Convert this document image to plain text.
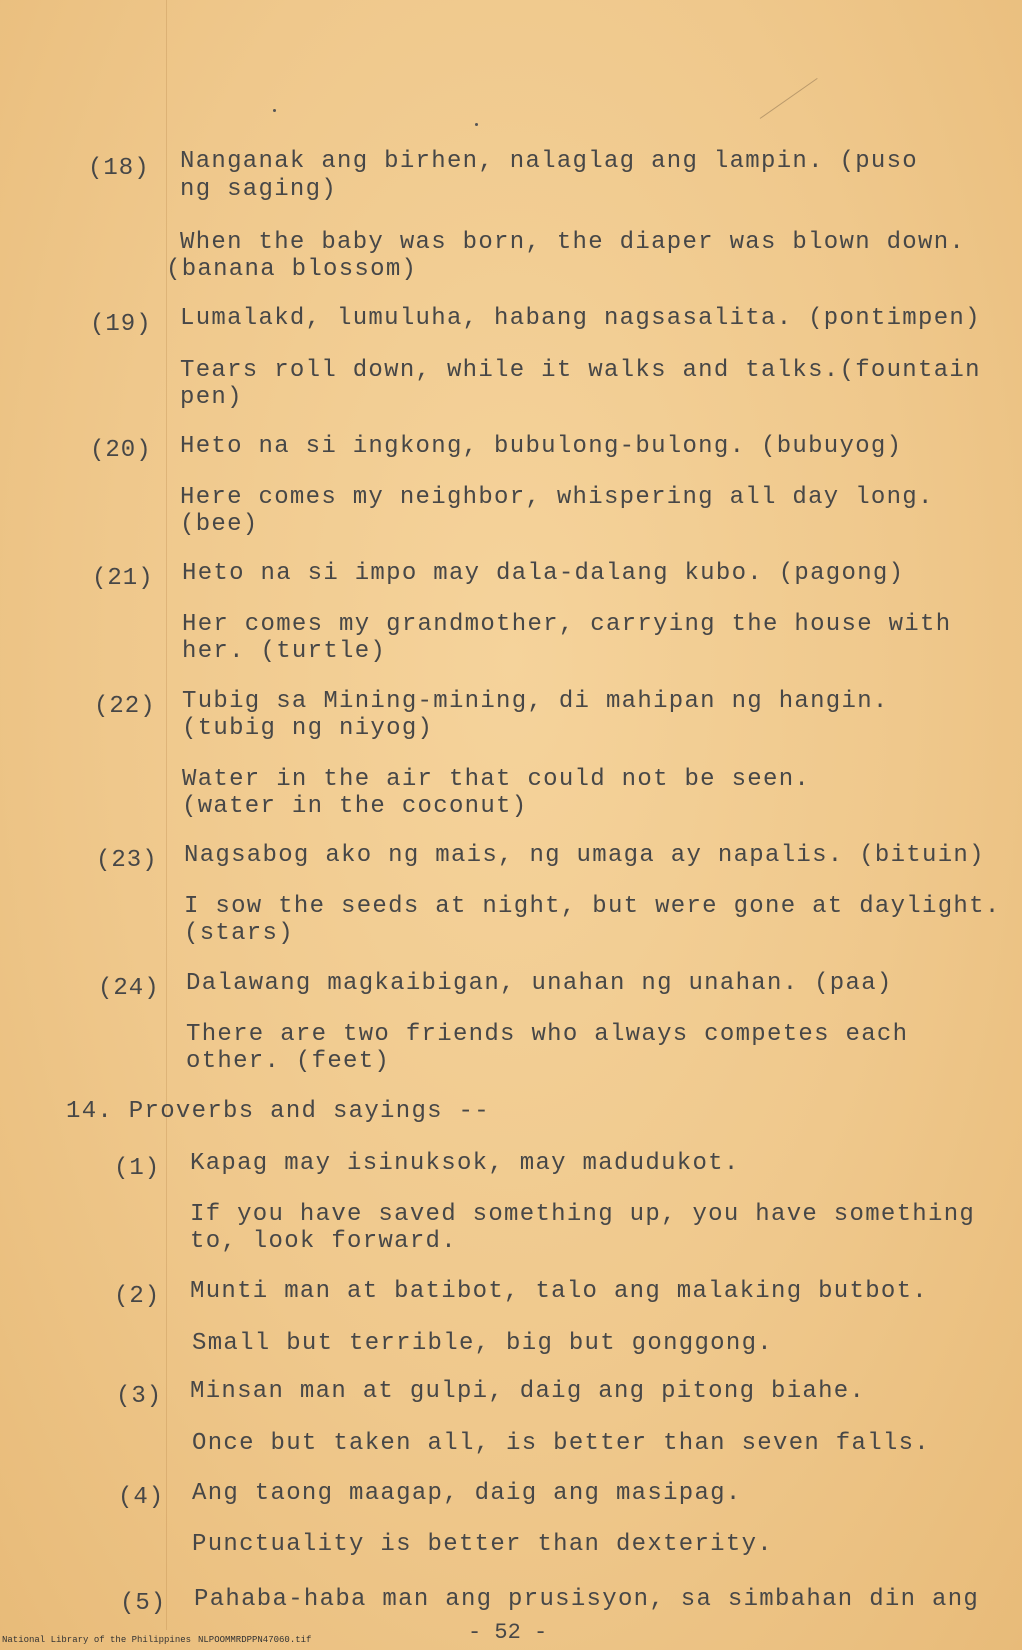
(18) Nanganak ang birhen, nalaglag ang lampin. (puso
ng saging)
When the baby was born, the diaper was blown down.
(banana blossom)
(19) Lumalakd, lumuluha, habang nagsasalita. (pontimpen)
Tears roll down, while it walks and talks.(fountain
pen)
(20) Heto na si ingkong, bubulong-bulong. (bubuyog)
Here comes my neighbor, whispering all day long.
(bee)
(21) Heto na si impo may dala-dalang kubo. (pagong)
Her comes my grandmother, carrying the house with
her. (turtle)
(22) Tubig sa Mining-mining, di mahipan ng hangin.
(tubig ng niyog)
Water in the air that could not be seen.
(water in the coconut)
(23) Nagsabog ako ng mais, ng umaga ay napalis. (bituin)
I sow the seeds at night, but were gone at daylight.
(stars)
(24) Dalawang magkaibigan, unahan ng unahan. (paa)
There are two friends who always competes each
other. (feet)
14. Proverbs and sayings --
(1) Kapag may isinuksok, may madudukot.
If you have saved something up, you have something
to, look forward.
(2) Munti man at batibot, talo ang malaking butbot.
Small but terrible, big but gonggong.
(3) Minsan man at gulpi, daig ang pitong biahe.
Once but taken all, is better than seven falls.
(4) Ang taong maagap, daig ang masipag.
Punctuality is better than dexterity.
(5) Pahaba-haba man ang prusisyon, sa simbahan din ang
- 52 -
National Library of the Philippines NLPOOMMRDPPN47060.tif
